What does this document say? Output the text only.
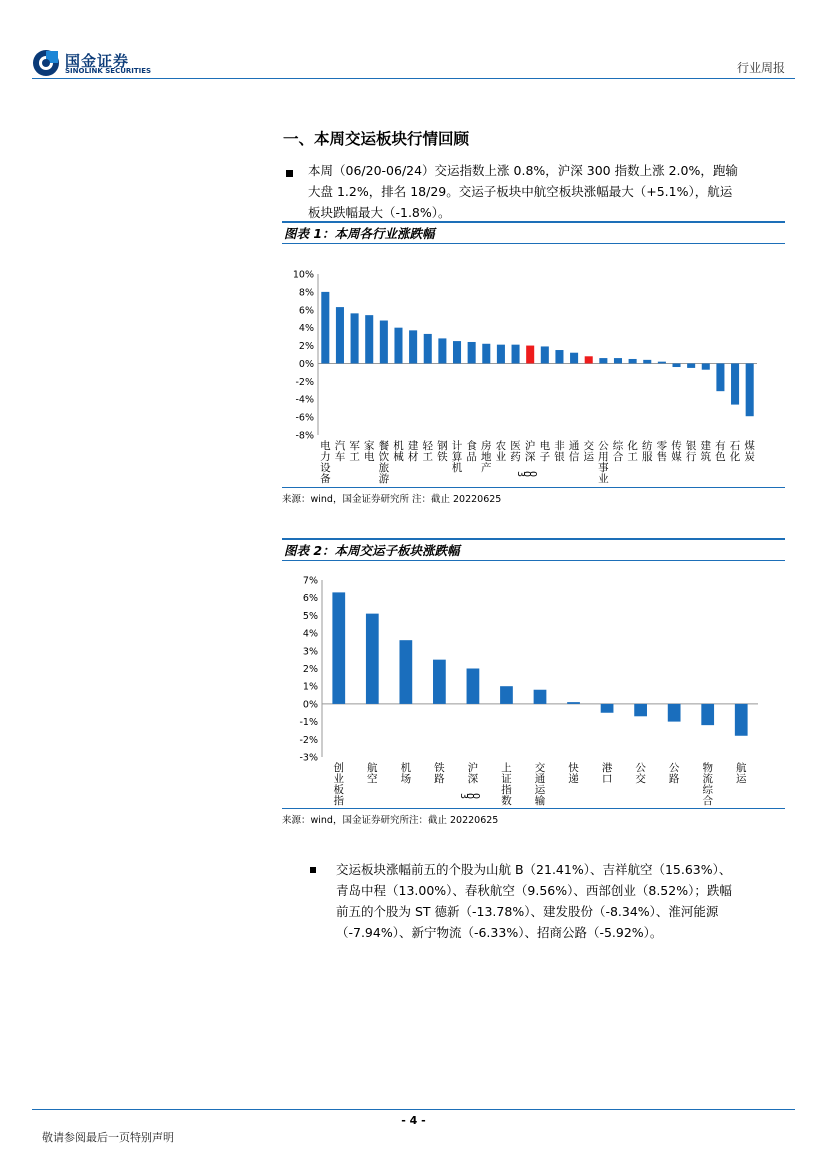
国金证券
SINOLINK SECURITIES	行业周报
一、本周交运板块行情回顾

本周（06/20-06/24）交运指数上涨 0.8%，沪深 300 指数上涨 2.0%，跑输

大盘 1.2%，排名 18/29。交运子板块中航空板块涨幅最大（+5.1%），航运

板块跌幅最大（-1.8%）。

图表 1：本周各行业涨跌幅
10%
8%
6%
4%
2%
0%
-2%
-4%
-6%
-8%
电力设备
汽车
军工
家电
餐饮旅游
机械
建材
轻工
钢铁
计算机
食品
房地产
农业
医药
沪深 300
电子
非银
通信
交运
公用事业
综合
化工
纺服
零售
传媒
银行
建筑
有色
石化
煤炭
来源：wind，国金证券研究所 注：截止 20220625
图表 2：本周交运子板块涨跌幅
7%
6%
5%
4%
3%
2%
1%
0%
-1%
-2%
-3%
创业板指
航空
机场
铁路
沪深 300
上证指数
交通运输
快递
港口
公交
公路
物流综合
航运
来源：wind，国金证券研究所注：截止 20220625

交运板块涨幅前五的个股为山航 B（21.41%）、吉祥航空（15.63%）、

青岛中程（13.00%）、春秋航空（9.56%）、西部创业（8.52%）；跌幅

前五的个股为 ST 德新（-13.78%）、建发股份（-8.34%）、淮河能源

（-7.94%）、新宁物流（-6.33%）、招商公路（-5.92%）。

- 4 -
敬请参阅最后一页特别声明
